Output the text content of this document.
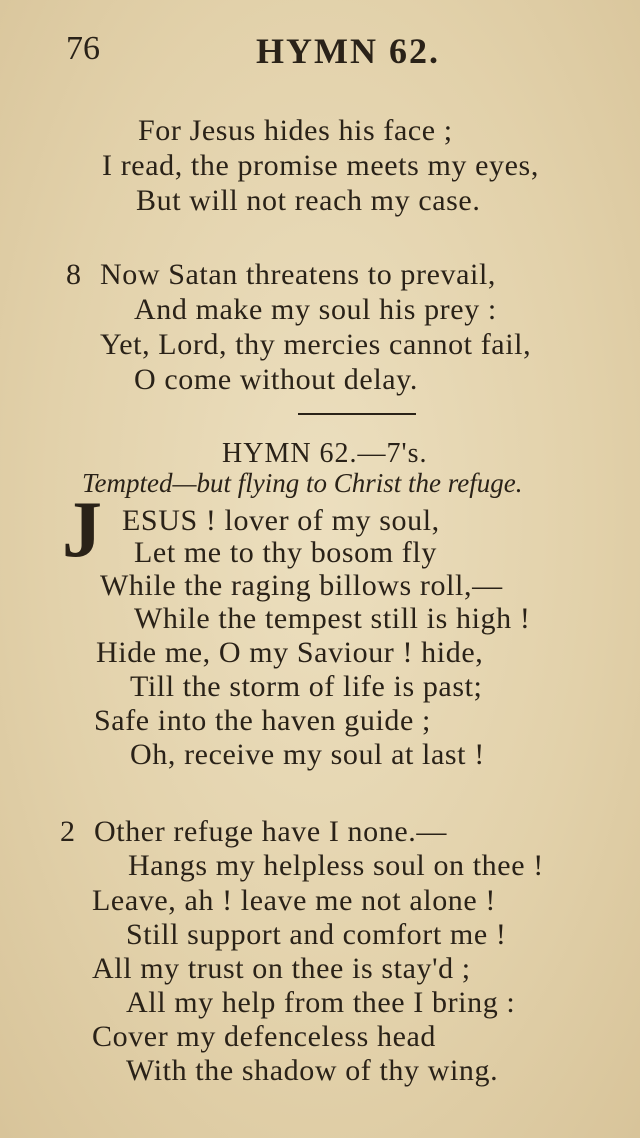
76	HYMN 62.
For Jesus hides his face ;
I read, the promise meets my eyes,
But will not reach my case.
8 Now Satan threatens to prevail,
And make my soul his prey :
Yet, Lord, thy mercies cannot fail,
O come without delay.
HYMN 62.—7's.
Tempted—but flying to Christ the refuge.
J ESUS ! lover of my soul,
Let me to thy bosom fly
While the raging billows roll,—
While the tempest still is high !
Hide me, O my Saviour ! hide,
Till the storm of life is past;
Safe into the haven guide ;
Oh, receive my soul at last !
2 Other refuge have I none.—
Hangs my helpless soul on thee !
Leave, ah ! leave me not alone !
Still support and comfort me !
All my trust on thee is stay'd ;
All my help from thee I bring :
Cover my defenceless head
With the shadow of thy wing.
